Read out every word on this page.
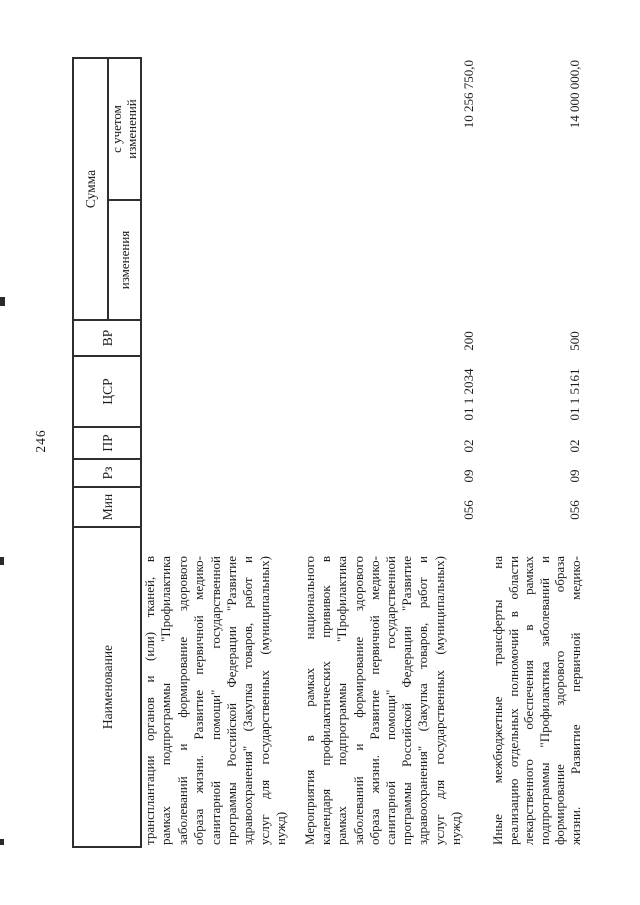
246
Наименование
Мин
Рз
ПР
ЦСР
ВР
Сумма
изменения
с учетом изменений
трансплантации органов и (или) тканей, в рамках подпрограммы "Профилактика заболеваний и формирование здорового образа жизни. Развитие первичной медико- санитарной помощи" государственной программы Российской Федерации "Развитие здравоохранения" (Закупка товаров, работ и услуг для государственных (муниципальных) нужд) Мероприятия в рамках национального календаря профилактических прививок в рамках подпрограммы "Профилактика заболеваний и формирование здорового образа жизни. Развитие первичной медико- санитарной помощи" государственной программы Российской Федерации "Развитие здравоохранения" (Закупка товаров, работ и услуг для государственных (муниципальных) нужд)
056
09
02
01 1 2034
200
10 256 750,0
Иные межбюджетные трансферты на реализацию отдельных полномочий в области лекарственного обеспечения в рамках подпрограммы "Профилактика заболеваний и формирование здорового образа жизни. Развитие первичной медико-
056
09
02
01 1 5161
500
14 000 000,0
